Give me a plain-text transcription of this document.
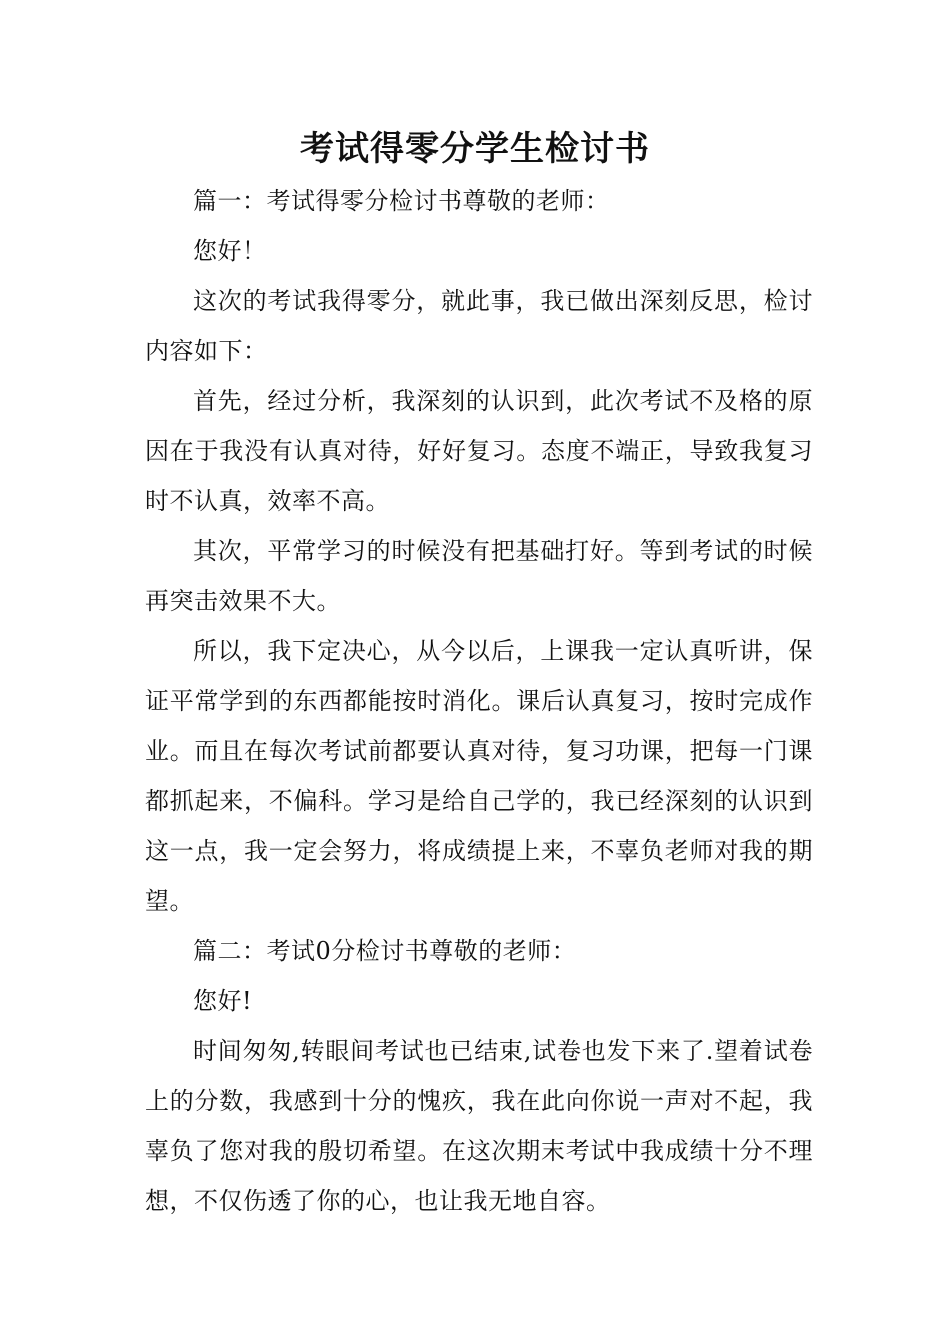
考试得零分学生检讨书

篇一：考试得零分检讨书尊敬的老师：

您好！

这次的考试我得零分，就此事，我已做出深刻反思，检讨内容如下：

首先，经过分析，我深刻的认识到，此次考试不及格的原因在于我没有认真对待，好好复习。态度不端正，导致我复习时不认真，效率不高。

其次，平常学习的时候没有把基础打好。等到考试的时候再突击效果不大。

所以，我下定决心，从今以后，上课我一定认真听讲，保证平常学到的东西都能按时消化。课后认真复习，按时完成作业。而且在每次考试前都要认真对待，复习功课，把每一门课都抓起来，不偏科。学习是给自己学的，我已经深刻的认识到这一点，我一定会努力，将成绩提上来，不辜负老师对我的期望。

篇二：考试0分检讨书尊敬的老师：

您好!

时间匆匆,转眼间考试也已结束,试卷也发下来了.望着试卷上的分数，我感到十分的愧疚，我在此向你说一声对不起，我辜负了您对我的殷切希望。在这次期末考试中我成绩十分不理想，不仅伤透了你的心，也让我无地自容。
